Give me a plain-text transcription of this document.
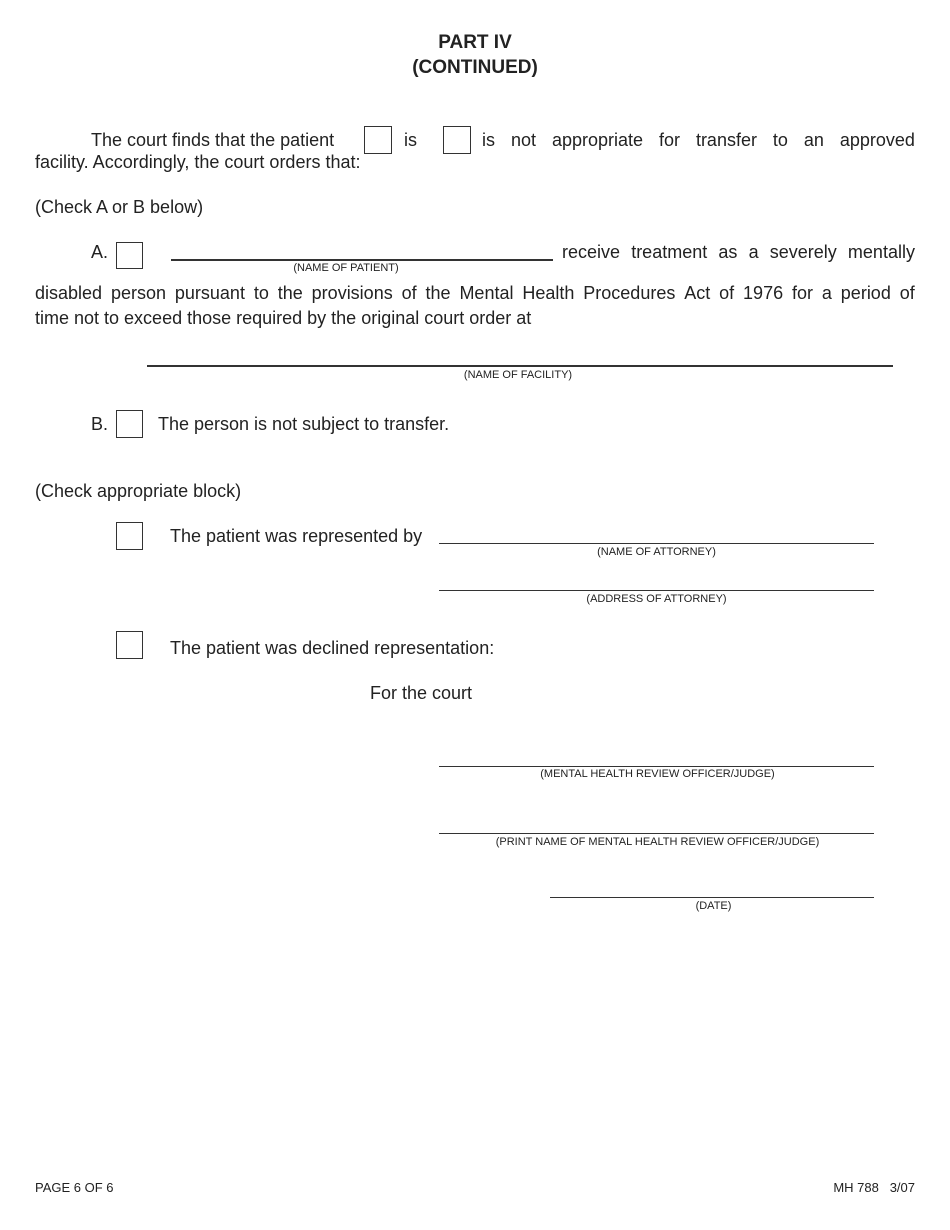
PART IV
(CONTINUED)
The court finds that the patient	is	is not appropriate for transfer to an approved
facility. Accordingly, the court orders that:
(Check A or B below)
A.
(NAME OF PATIENT)
receive treatment as a severely mentally
disabled person pursuant to the provisions of the Mental Health Procedures Act of 1976 for a period of
time not to exceed those required by the original court order at
(NAME OF FACILITY)
B.	The person is not subject to transfer.
(Check appropriate block)
The patient was represented by
(NAME OF ATTORNEY)
(ADDRESS OF ATTORNEY)
The patient was declined representation:
For the court
(MENTAL HEALTH REVIEW OFFICER/JUDGE)
(PRINT NAME OF MENTAL HEALTH REVIEW OFFICER/JUDGE)
(DATE)
PAGE 6 OF 6	MH 788   3/07
